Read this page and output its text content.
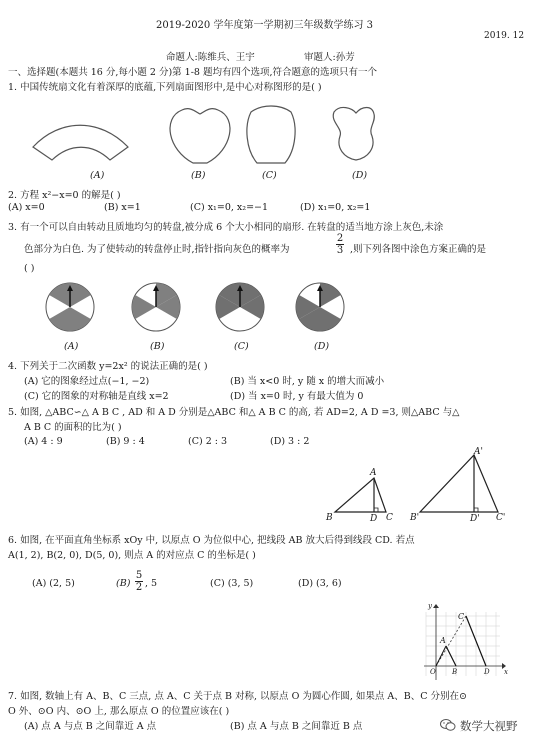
2019-2020 学年度第一学期初三年级数学练习 3
2019. 12
命题人:陈维兵、王宇	审题人:孙芳
一、选择题(本题共 16 分,每小题 2 分)第 1-8 题均有四个选项,符合题意的选项只有一个
1. 中国传统扇文化有着深厚的底蕴,下列扇面图形中,是中心对称图形的是( )
(A)	(B)	(C)	(D)
2. 方程 x²−x=0 的解是( )
(A) x=0	(B) x=1	(C) x₁=0, x₂=−1	(D) x₁=0, x₂=1
3. 有一个可以自由转动且质地均匀的转盘,被分成 6 个大小相同的扇形. 在转盘的适当地方涂上灰色,未涂
色部分为白色. 为了使转动的转盘停止时,指针指向灰色的概率为
2
3 ,则下列各图中涂色方案正确的是
( )
(A)	(B)	(C)	(D)
4. 下列关于二次函数 y=2x² 的说法正确的是( )
(A) 它的图象经过点(−1, −2)	(B) 当 x<0 时, y 随 x 的增大而减小
(C) 它的图象的对称轴是直线 x=2	(D) 当 x=0 时, y 有最大值为 0
5. 如图, △ABC∽△ A B C , AD 和 A D 分别是△ABC 和△ A B C 的高, 若 AD=2, A D =3, 则△ABC 与△
A B C 的面积的比为( )
(A) 4 : 9	(B) 9 : 4	(C) 2 : 3	(D) 3 : 2
A
B	D C
A'
B'	D' C'
6. 如图, 在平面直角坐标系 xOy 中, 以原点 O 为位似中心, 把线段 AB 放大后得到线段 CD. 若点
A(1, 2), B(2, 0), D(5, 0), 则点 A 的对应点 C 的坐标是( )
(A) (2, 5)	(B)
5
2 , 5	(C) (3, 5)	(D) (3, 6)
y
x
C
A
O B	D
7. 如图, 数轴上有 A、B、C 三点, 点 A、C 关于点 B 对称, 以原点 O 为圆心作圆, 如果点 A、B、C 分别在⊙
O 外、⊙O 内、⊙O 上, 那么原点 O 的位置应该在( )
(A) 点 A 与点 B 之间靠近 A 点	(B) 点 A 与点 B 之间靠近 B 点	数学大视野
